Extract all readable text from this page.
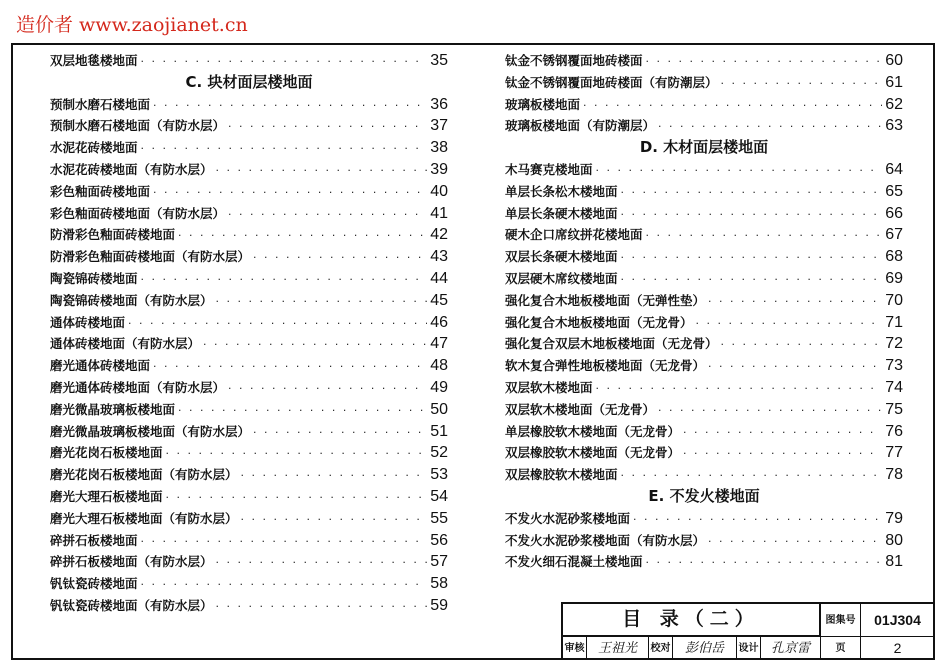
造价者 www.zaojianet.cn
双层地毯楼地面 · · ·	35
C. 块材面层楼地面
预制水磨石楼地面 · · ·	36
预制水磨石楼地面（有防水层） · · ·	37
水泥花砖楼地面 · · ·	38
水泥花砖楼地面（有防水层） · · ·	39
彩色釉面砖楼地面 · · ·	40
彩色釉面砖楼地面（有防水层） · · ·	41
防滑彩色釉面砖楼地面 · · ·	42
防滑彩色釉面砖楼地面（有防水层） · · ·	43
陶瓷锦砖楼地面 · · ·	44
陶瓷锦砖楼地面（有防水层） · · ·	45
通体砖楼地面 · · ·	46
通体砖楼地面（有防水层） · · ·	47
磨光通体砖楼地面 · · ·	48
磨光通体砖楼地面（有防水层） · · ·	49
磨光微晶玻璃板楼地面 · · ·	50
磨光微晶玻璃板楼地面（有防水层） · · ·	51
磨光花岗石板楼地面 · · ·	52
磨光花岗石板楼地面（有防水层） · · ·	53
磨光大理石板楼地面 · · ·	54
磨光大理石板楼地面（有防水层） · · ·	55
碎拼石板楼地面 · · ·	56
碎拼石板楼地面（有防水层） · · ·	57
钒钛瓷砖楼地面 · · ·	58
钒钛瓷砖楼地面（有防水层） · · ·	59
钛金不锈钢覆面地砖楼面 · · ·	60
钛金不锈钢覆面地砖楼面（有防潮层） · · ·	61
玻璃板楼地面 · · ·	62
玻璃板楼地面（有防潮层） · · ·	63
D. 木材面层楼地面
木马赛克楼地面 · · ·	64
单层长条松木楼地面 · · ·	65
单层长条硬木楼地面 · · ·	66
硬木企口席纹拼花楼地面 · · ·	67
双层长条硬木楼地面 · · ·	68
双层硬木席纹楼地面 · · ·	69
强化复合木地板楼地面（无弹性垫） · · ·	70
强化复合木地板楼地面（无龙骨） · · ·	71
强化复合双层木地板楼地面（无龙骨） · · ·	72
软木复合弹性地板楼地面（无龙骨） · · ·	73
双层软木楼地面 · · ·	74
双层软木楼地面（无龙骨） · · ·	75
单层橡胶软木楼地面（无龙骨） · · ·	76
双层橡胶软木楼地面（无龙骨） · · ·	77
双层橡胶软木楼地面 · · ·	78
E. 不发火楼地面
不发火水泥砂浆楼地面 · · ·	79
不发火水泥砂浆楼地面（有防水层） · · ·	80
不发火细石混凝土楼地面 · · ·	81
目 录（二）	图集号	01J304
审核	王祖光	校对	彭伯岳	设计 孔京雷	页	2
